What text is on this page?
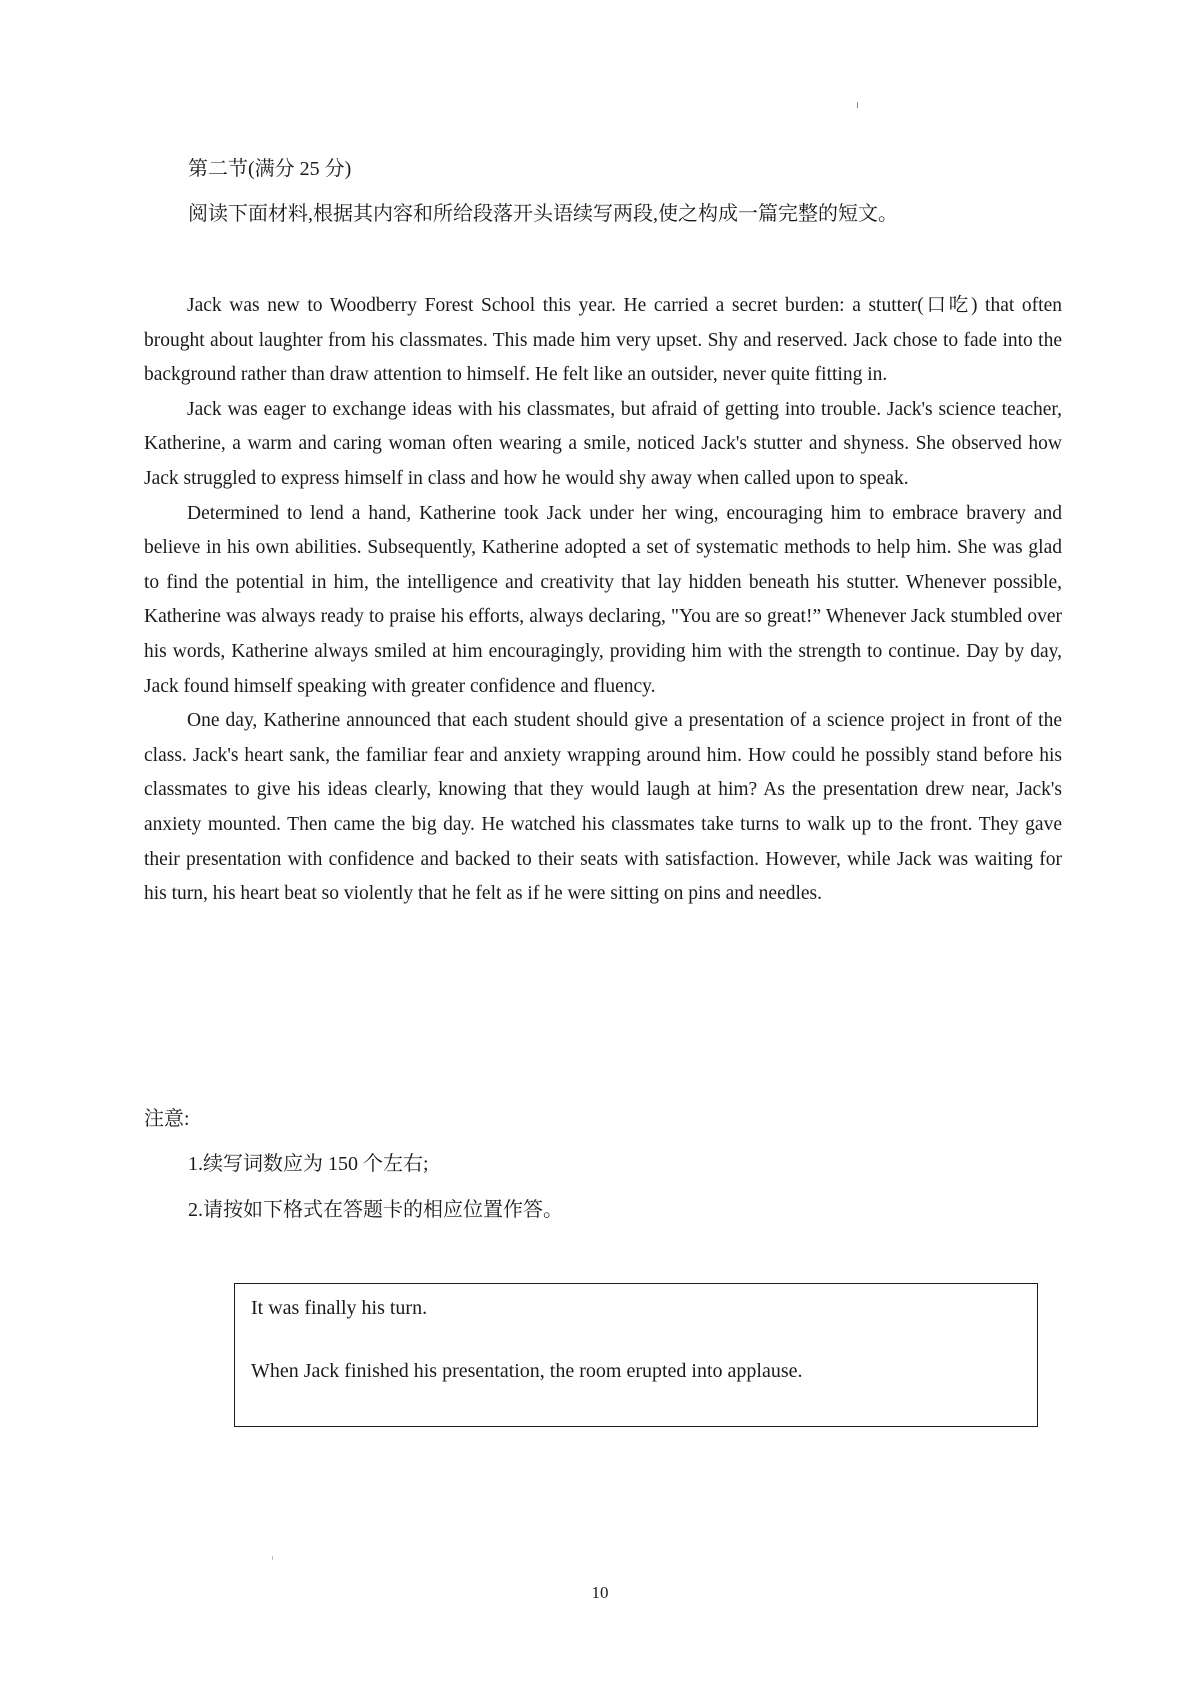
第二节(满分 25 分)
阅读下面材料,根据其内容和所给段落开头语续写两段,使之构成一篇完整的短文。

Jack was new to Woodberry Forest School this year. He carried a secret burden: a stutter(口吃) that often brought about laughter from his classmates. This made him very upset. Shy and reserved. Jack chose to fade into the background rather than draw attention to himself. He felt like an outsider, never quite fitting in.

Jack was eager to exchange ideas with his classmates, but afraid of getting into trouble. Jack's science teacher, Katherine, a warm and caring woman often wearing a smile, noticed Jack's stutter and shyness. She observed how Jack struggled to express himself in class and how he would shy away when called upon to speak.

Determined to lend a hand, Katherine took Jack under her wing, encouraging him to embrace bravery and believe in his own abilities. Subsequently, Katherine adopted a set of systematic methods to help him. She was glad to find the potential in him, the intelligence and creativity that lay hidden beneath his stutter. Whenever possible, Katherine was always ready to praise his efforts, always declaring, "You are so great!” Whenever Jack stumbled over his words, Katherine always smiled at him encouragingly, providing him with the strength to continue. Day by day, Jack found himself speaking with greater confidence and fluency.

One day, Katherine announced that each student should give a presentation of a science project in front of the class. Jack's heart sank, the familiar fear and anxiety wrapping around him. How could he possibly stand before his classmates to give his ideas clearly, knowing that they would laugh at him? As the presentation drew near, Jack's anxiety mounted. Then came the big day. He watched his classmates take turns to walk up to the front. They gave their presentation with confidence and backed to their seats with satisfaction. However, while Jack was waiting for his turn, his heart beat so violently that he felt as if he were sitting on pins and needles.

注意:
1.续写词数应为 150 个左右;
2.请按如下格式在答题卡的相应位置作答。
It was finally his turn.
When Jack finished his presentation, the room erupted into applause.
10
